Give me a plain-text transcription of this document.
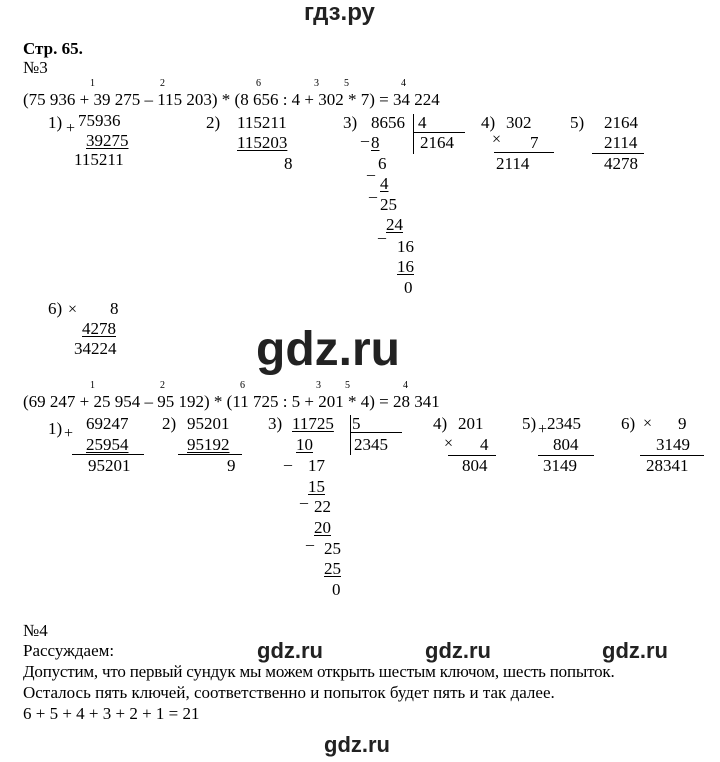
гдз.ру
gdz.ru
gdz.ru	gdz.ru	gdz.ru
gdz.ru
Стр. 65.
№3
1	2	6	3	5	4
(75 936 + 39 275 – 115 203) * (8 656 : 4 + 302 * 7) = 34 224
1) + 75936
39275
115211
2) 115211
115203
8
3) 8656 4
2164
_ 8
6
_
4
_
25
24
_
16
16
0
4) 302
× 7
2114
5) 2164
2114
4278
6) × 8
4278
34224
1	2	6	3 5	4
(69 247 + 25 954 – 95 192) * (11 725 : 5 + 201 * 4) = 28 341
1) +
69247
25954
95201
2) 95201
95192
9
3) 11725 5
2345
10
_ 17
15
_ 22
20
_ 25
25
0
4) 201
× 4
804
5) + 2345
804
3149
6) × 9
3149
28341
№4
Рассуждаем:
Допустим, что первый сундук мы можем открыть шестым ключом, шесть попыток.
Осталось пять ключей, соответственно и попыток будет пять и так далее.
6 + 5 + 4 + 3 + 2 + 1 = 21
